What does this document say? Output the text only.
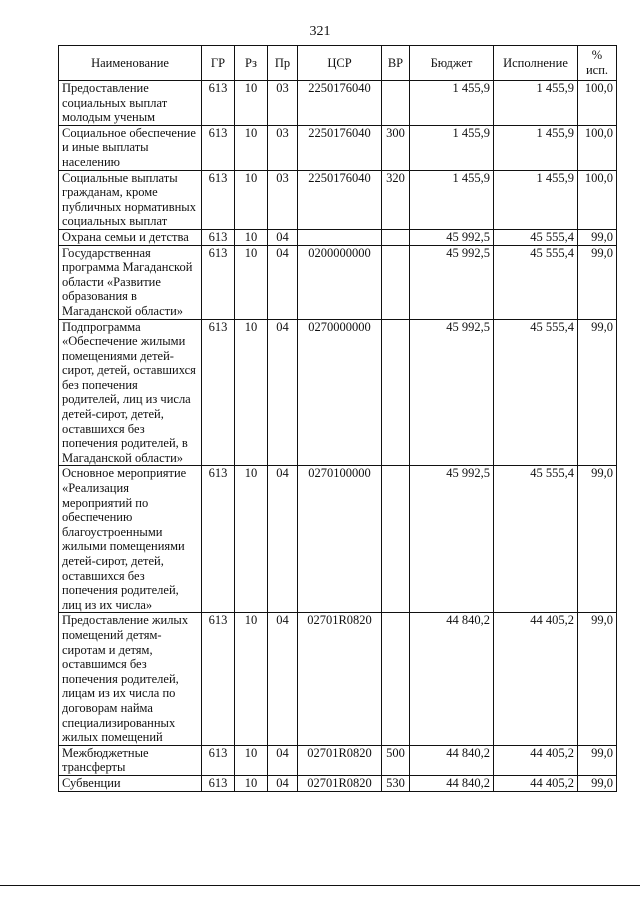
321
Наименование	ГР	Рз	Пр	ЦСР	ВР	Бюджет	Исполнение	% исп.
Предоставление социальных выплат молодым ученым	613	10	03	2250176040		1 455,9	1 455,9	100,0
Социальное обеспечение и иные выплаты населению	613	10	03	2250176040	300	1 455,9	1 455,9	100,0
Социальные выплаты гражданам, кроме публичных нормативных социальных выплат	613	10	03	2250176040	320	1 455,9	1 455,9	100,0
Охрана семьи и детства	613	10	04			45 992,5	45 555,4	99,0
Государственная программа Магаданской области «Развитие образования в Магаданской области»	613	10	04	0200000000		45 992,5	45 555,4	99,0
Подпрограмма «Обеспечение жилыми помещениями детей-сирот, детей, оставшихся без попечения родителей, лиц из числа детей-сирот, детей, оставшихся без попечения родителей, в Магаданской области»	613	10	04	0270000000		45 992,5	45 555,4	99,0
Основное мероприятие «Реализация мероприятий по обеспечению благоустроенными жилыми помещениями детей-сирот, детей, оставшихся без попечения родителей, лиц из их числа»	613	10	04	0270100000		45 992,5	45 555,4	99,0
Предоставление жилых помещений детям-сиротам и детям, оставшимся без попечения родителей, лицам из их числа по договорам найма специализированных жилых помещений	613	10	04	02701R0820		44 840,2	44 405,2	99,0
Межбюджетные трансферты	613	10	04	02701R0820	500	44 840,2	44 405,2	99,0
Субвенции	613	10	04	02701R0820	530	44 840,2	44 405,2	99,0
